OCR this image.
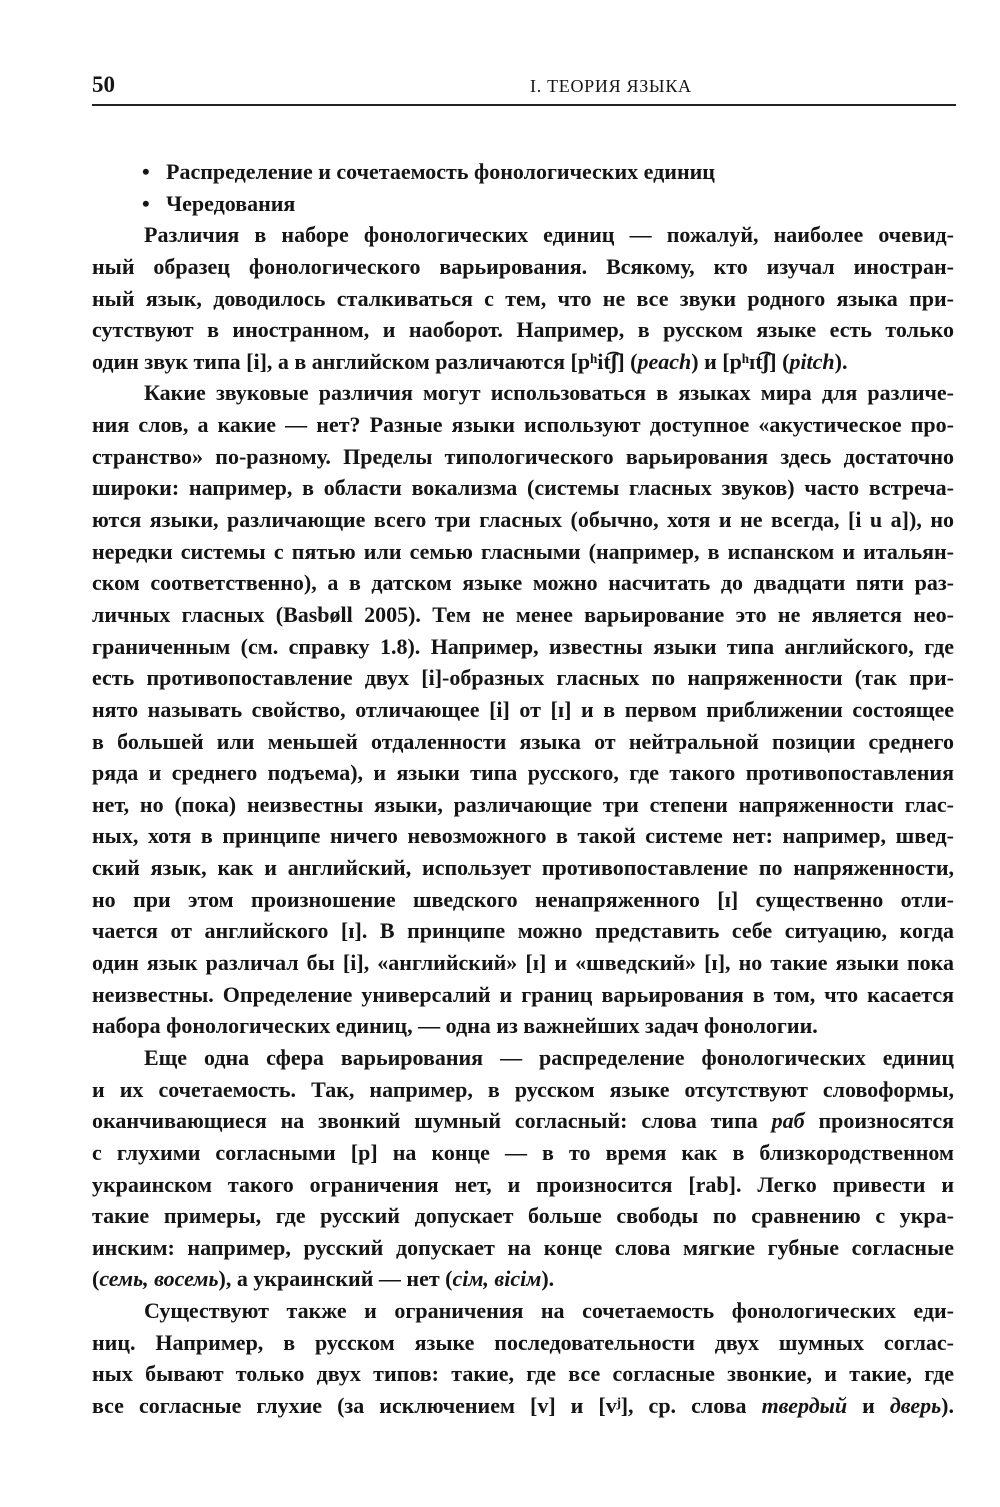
50	I. ТЕОРИЯ ЯЗЫКА
• Распределение и сочетаемость фонологических единиц
• Чередования
Различия в наборе фонологических единиц — пожалуй, наиболее очевид-
ный образец фонологического варьирования. Всякому, кто изучал иностран-
ный язык, доводилось сталкиваться с тем, что не все звуки родного языка при-
сутствуют в иностранном, и наоборот. Например, в русском языке есть только
один звук типа [i], а в английском различаются [pʰit͡ʃ] (peach) и [pʰɪt͡ʃ] (pitch).
Какие звуковые различия могут использоваться в языках мира для различе-
ния слов, а какие — нет? Разные языки используют доступное «акустическое про-
странство» по-разному. Пределы типологического варьирования здесь достаточно
широки: например, в области вокализма (системы гласных звуков) часто встреча-
ются языки, различающие всего три гласных (обычно, хотя и не всегда, [i u a]), но
нередки системы с пятью или семью гласными (например, в испанском и итальян-
ском соответственно), а в датском языке можно насчитать до двадцати пяти раз-
личных гласных (Basbøll 2005). Тем не менее варьирование это не является нео-
граниченным (см. справку 1.8). Например, известны языки типа английского, где
есть противопоставление двух [i]-образных гласных по напряженности (так при-
нято называть свойство, отличающее [i] от [ɪ] и в первом приближении состоящее
в большей или меньшей отдаленности языка от нейтральной позиции среднего
ряда и среднего подъема), и языки типа русского, где такого противопоставления
нет, но (пока) неизвестны языки, различающие три степени напряженности глас-
ных, хотя в принципе ничего невозможного в такой системе нет: например, швед-
ский язык, как и английский, использует противопоставление по напряженности,
но при этом произношение шведского ненапряженного [ɪ] существенно отли-
чается от английского [ɪ]. В принципе можно представить себе ситуацию, когда
один язык различал бы [i], «английский» [ɪ] и «шведский» [ɪ], но такие языки пока
неизвестны. Определение универсалий и границ варьирования в том, что касается
набора фонологических единиц, — одна из важнейших задач фонологии.
Еще одна сфера варьирования — распределение фонологических единиц
и их сочетаемость. Так, например, в русском языке отсутствуют словоформы,
оканчивающиеся на звонкий шумный согласный: слова типа раб произносятся
с глухими согласными [p] на конце — в то время как в близкородственном
украинском такого ограничения нет, и произносится [rab]. Легко привести и
такие примеры, где русский допускает больше свободы по сравнению с укра-
инским: например, русский допускает на конце слова мягкие губные согласные
(семь, восемь), а украинский — нет (сім, вісім).
Существуют также и ограничения на сочетаемость фонологических еди-
ниц. Например, в русском языке последовательности двух шумных соглас-
ных бывают только двух типов: такие, где все согласные звонкие, и такие, где
все согласные глухие (за исключением [v] и [vʲ], ср. слова твердый и дверь).
